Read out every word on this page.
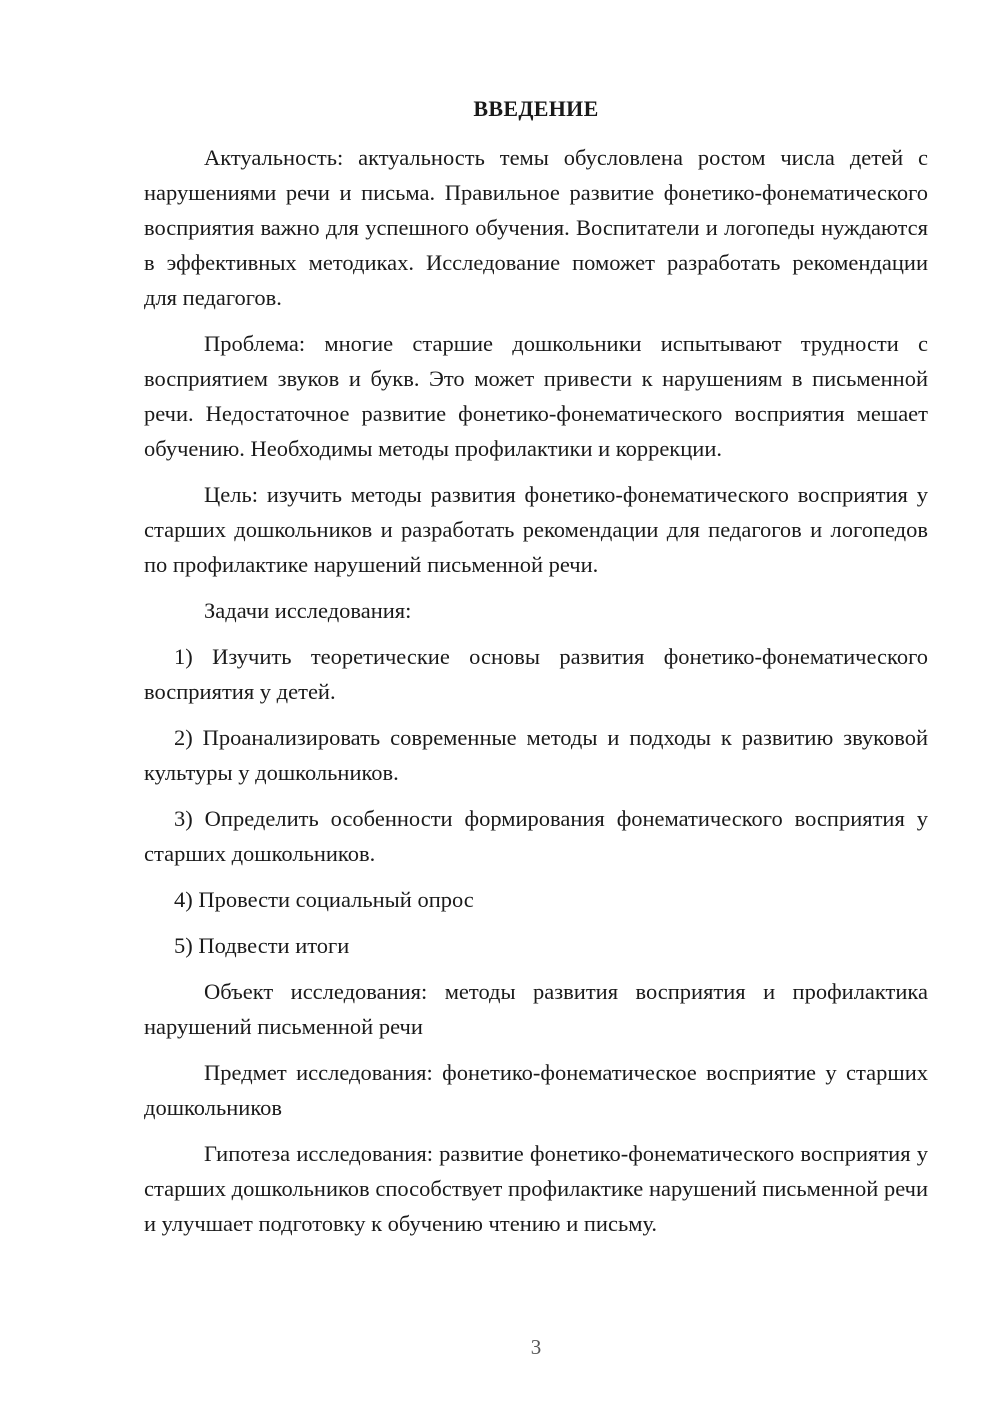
ВВЕДЕНИЕ

Актуальность: актуальность темы обусловлена ростом числа детей с нарушениями речи и письма. Правильное развитие фонетико-фонематического восприятия важно для успешного обучения. Воспитатели и логопеды нуждаются в эффективных методиках. Исследование поможет разработать рекомендации для педагогов.

Проблема: многие старшие дошкольники испытывают трудности с восприятием звуков и букв. Это может привести к нарушениям в письменной речи. Недостаточное развитие фонетико-фонематического восприятия мешает обучению. Необходимы методы профилактики и коррекции.

Цель: изучить методы развития фонетико-фонематического восприятия у старших дошкольников и разработать рекомендации для педагогов и логопедов по профилактике нарушений письменной речи.

Задачи исследования:

1) Изучить теоретические основы развития фонетико-фонематического восприятия у детей.

2) Проанализировать современные методы и подходы к развитию звуковой культуры у дошкольников.

3) Определить особенности формирования фонематического восприятия у старших дошкольников.

4) Провести социальный опрос

5) Подвести итоги

Объект исследования: методы развития восприятия и профилактика нарушений письменной речи

Предмет исследования: фонетико-фонематическое восприятие у старших дошкольников

Гипотеза исследования: развитие фонетико-фонематического восприятия у старших дошкольников способствует профилактике нарушений письменной речи и улучшает подготовку к обучению чтению и письму.

3
